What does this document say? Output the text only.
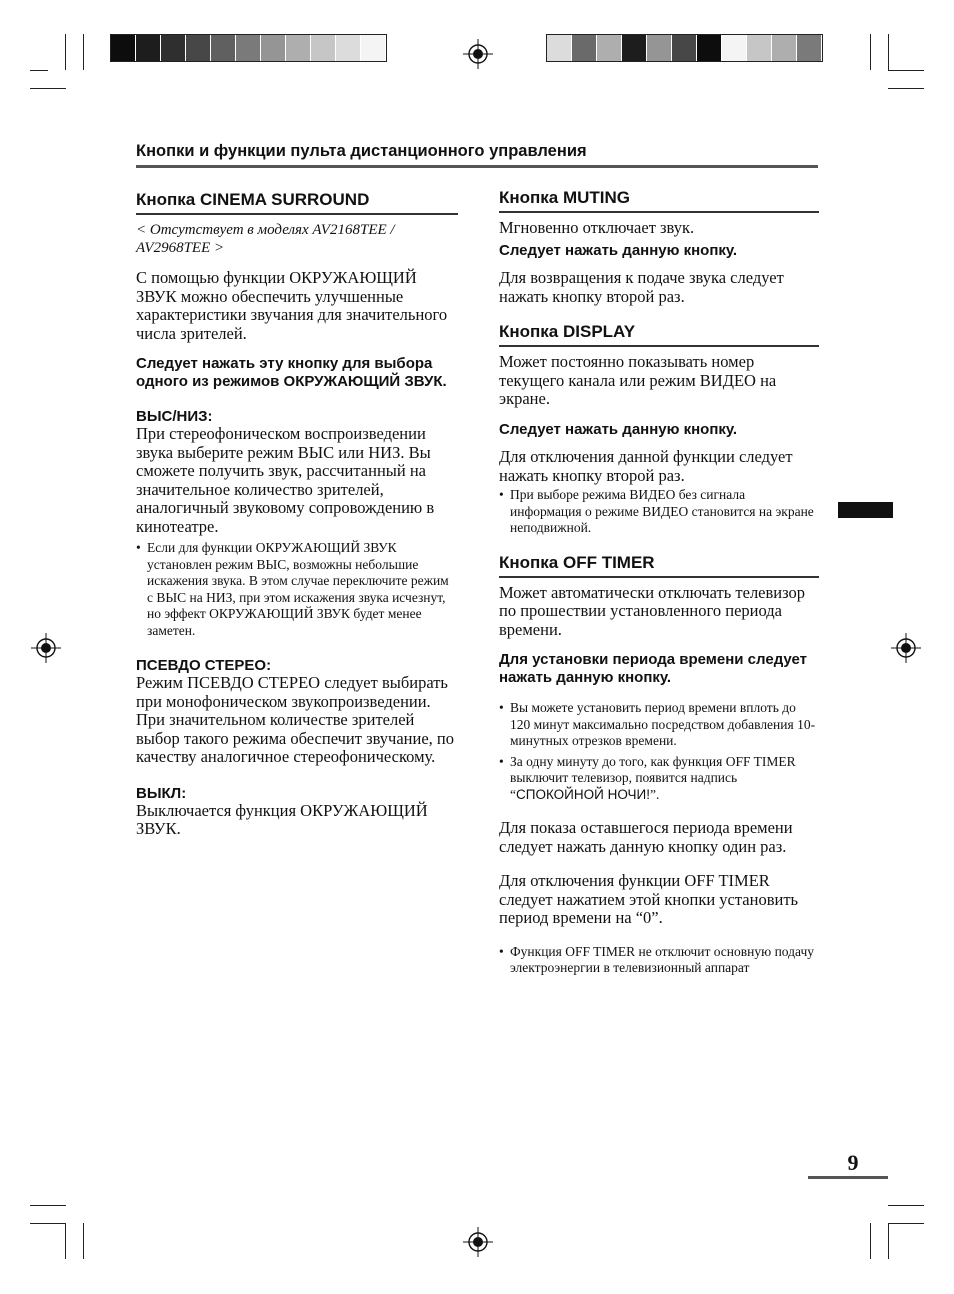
Кнопки и функции пульта дистанционного управления
Кнопка CINEMA SURROUND
< Отсутствует в моделях AV2168TEE / AV2968TEE >
С помощью функции ОКРУЖАЮЩИЙ ЗВУК можно обеспечить улучшенные характеристики звучания для значительного числа зрителей.
Следует нажать эту кнопку для выбора одного из режимов ОКРУЖАЮЩИЙ ЗВУК.
ВЫС/НИЗ:
При стереофоническом воспроизведении звука выберите режим ВЫС или НИЗ. Вы сможете получить звук, рассчитанный на значительное количество зрителей, аналогичный звуковому сопровождению в кинотеатре.
• Если для функции ОКРУЖАЮЩИЙ ЗВУК установлен режим ВЫС, возможны небольшие искажения звука. В этом случае переключите режим с ВЫС на НИЗ, при этом искажения звука исчезнут, но эффект ОКРУЖАЮЩИЙ ЗВУК будет менее заметен.
ПСЕВДО СТЕРЕО:
Режим ПСЕВДО СТЕРЕО следует выбирать при монофоническом звукопроизведении. При значительном количестве зрителей выбор такого режима обеспечит звучание, по качеству аналогичное стереофоническому.
ВЫКЛ:
Выключается функция ОКРУЖАЮЩИЙ ЗВУК.
Кнопка MUTING
Мгновенно отключает звук.
Следует нажать данную кнопку.
Для возвращения к подаче звука следует нажать кнопку второй раз.
Кнопка DISPLAY
Может постоянно показывать номер текущего канала или режим ВИДЕО на экране.
Следует нажать данную кнопку.
Для отключения данной функции следует нажать кнопку второй раз.
• При выборе режима ВИДЕО без сигнала информация о режиме ВИДЕО становится на экране неподвижной.
Кнопка OFF TIMER
Может автоматически отключать телевизор по прошествии установленного периода времени.
Для установки периода времени следует нажать данную кнопку.
• Вы можете установить период времени вплоть до 120 минут максимально посредством добавления 10-минутных отрезков времени.
• За одну минуту до того, как функция OFF TIMER выключит телевизор, появится надпись “СПОКОЙНОЙ НОЧИ!”.
Для показа оставшегося периода времени следует нажать данную кнопку один раз.
Для отключения функции OFF TIMER следует нажатием этой кнопки установить период времени на “0”.
• Функция OFF TIMER не отключит основную подачу электроэнергии в телевизионный аппарат
9
